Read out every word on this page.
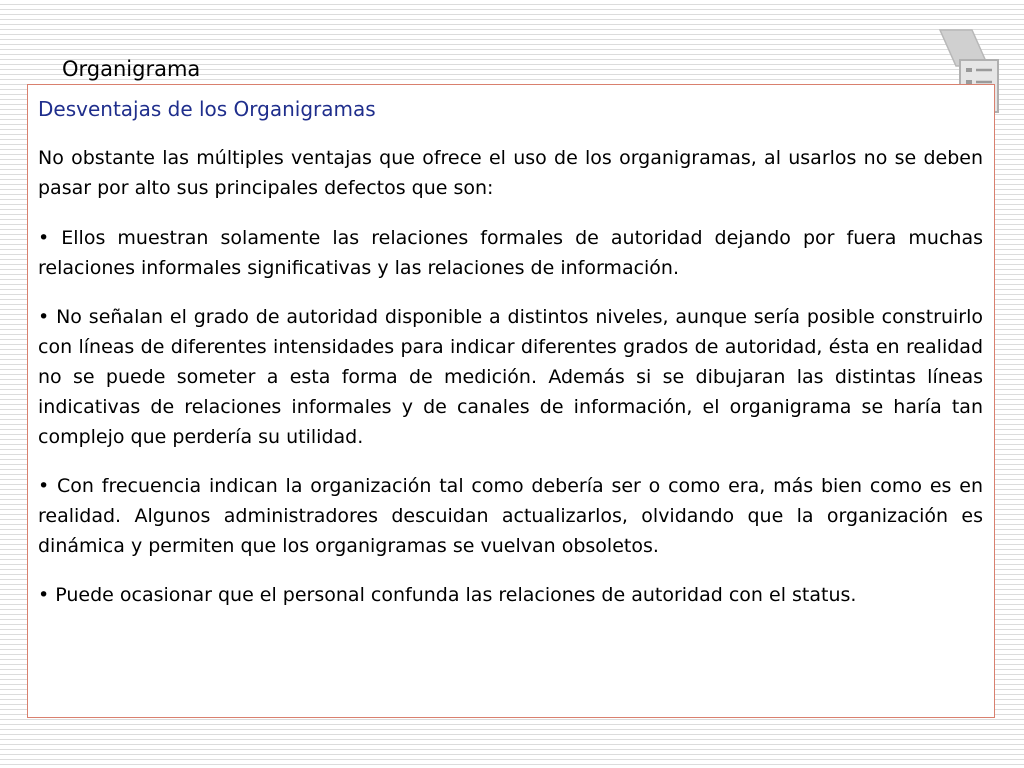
Organigrama
Desventajas de los Organigramas

No obstante las múltiples ventajas que ofrece el uso de los organigramas, al usarlos no se deben pasar por alto sus principales defectos que son:

• Ellos muestran solamente las relaciones formales de autoridad dejando por fuera muchas relaciones informales significativas y las relaciones de información.

• No señalan el grado de autoridad disponible a distintos niveles, aunque sería posible construirlo con líneas de diferentes intensidades para indicar diferentes grados de autoridad, ésta en realidad no se puede someter a esta forma de medición. Además si se dibujaran las distintas líneas indicativas de relaciones informales y de canales de información, el organigrama se haría tan complejo que perdería su utilidad.

• Con frecuencia indican la organización tal como debería ser o como era, más bien como es en realidad. Algunos administradores descuidan actualizarlos, olvidando que la organización es dinámica y permiten que los organigramas se vuelvan obsoletos.

• Puede ocasionar que el personal confunda las relaciones de autoridad con el status.
